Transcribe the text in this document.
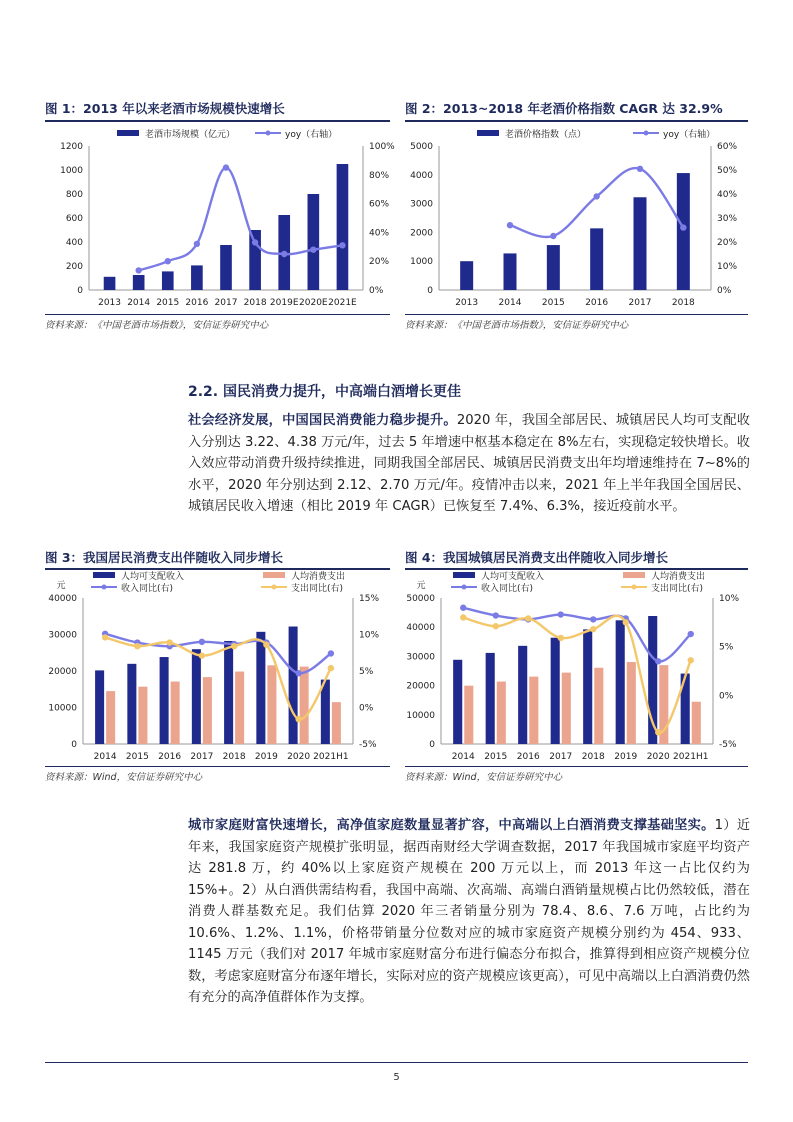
图 1：2013 年以来老酒市场规模快速增长
老酒市场规模（亿元）	yoy（右轴）
0
200
400
600
800
1000
1200
0%
20%
40%
60%
80%
100%
2013 2014 2015 2016 2017 2018 2019E 2020E 2021E
资料来源：《中国老酒市场指数》，安信证券研究中心
图 2：2013~2018 年老酒价格指数 CAGR 达 32.9%
老酒价格指数（点）	yoy（右轴）
0
1000
2000
3000
4000
5000
0%
10%
20%
30%
40%
50%
60%
2013 2014 2015 2016 2017 2018
资料来源：《中国老酒市场指数》，安信证券研究中心
2.2. 国民消费力提升，中高端白酒增长更佳
社会经济发展，中国国民消费能力稳步提升。2020 年，我国全部居民、城镇居民人均可支配收入分别达 3.22、4.38 万元/年，过去 5 年增速中枢基本稳定在 8%左右，实现稳定较快增长。收入效应带动消费升级持续推进，同期我国全部居民、城镇居民消费支出年均增速维持在 7~8%的水平，2020 年分别达到 2.12、2.70 万元/年。疫情冲击以来，2021 年上半年我国全国居民、城镇居民收入增速（相比 2019 年 CAGR）已恢复至 7.4%、6.3%，接近疫前水平。
图 3：我国居民消费支出伴随收入同步增长
人均可支配收入	人均消费支出
收入同比(右)	支出同比(右)
元
0
10000
20000
30000
40000
-5%
0%
5%
10%
15%
2014 2015 2016 2017 2018 2019 2020 2021H1
资料来源：Wind，安信证券研究中心
图 4：我国城镇居民消费支出伴随收入同步增长
人均可支配收入	人均消费支出
收入同比(右)	支出同比(右)
元
0
10000
20000
30000
40000
50000
-5%
0%
5%
10%
2014 2015 2016 2017 2018 2019 2020 2021H1
资料来源：Wind，安信证券研究中心
城市家庭财富快速增长，高净值家庭数量显著扩容，中高端以上白酒消费支撑基础坚实。1）近年来，我国家庭资产规模扩张明显，据西南财经大学调查数据，2017 年我国城市家庭平均资产达 281.8 万，约 40%以上家庭资产规模在 200 万元以上，而 2013 年这一占比仅约为 15%+。2）从白酒供需结构看，我国中高端、次高端、高端白酒销量规模占比仍然较低，潜在消费人群基数充足。我们估算 2020 年三者销量分别为 78.4、8.6、7.6 万吨，占比约为 10.6%、1.2%、1.1%，价格带销量分位数对应的城市家庭资产规模分别约为 454、933、1145 万元（我们对 2017 年城市家庭财富分布进行偏态分布拟合，推算得到相应资产规模分位数，考虑家庭财富分布逐年增长，实际对应的资产规模应该更高），可见中高端以上白酒消费仍然有充分的高净值群体作为支撑。
5
